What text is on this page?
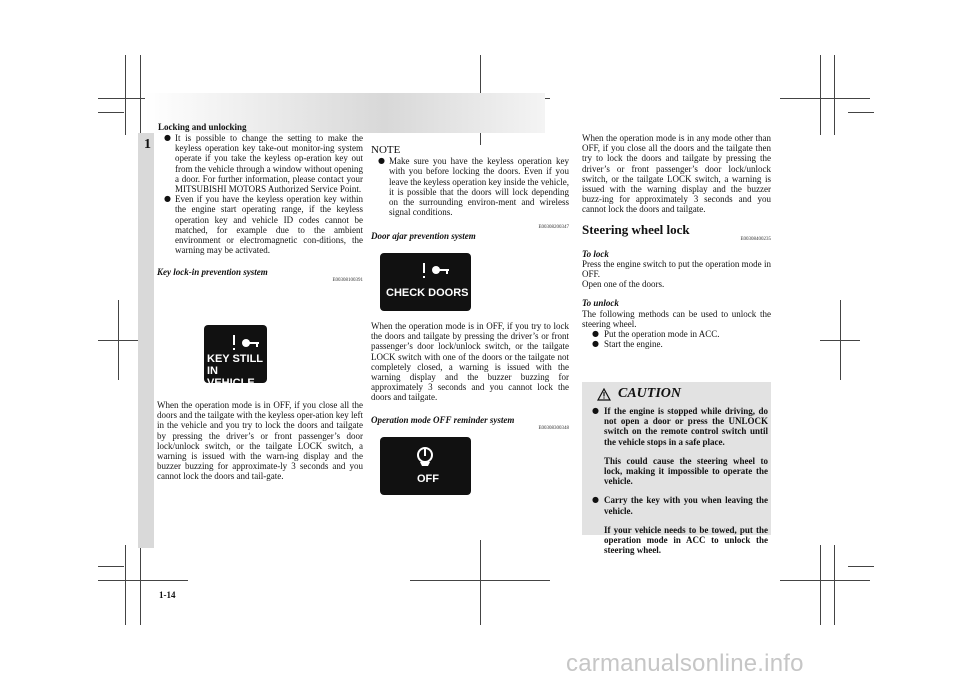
Locking and unlocking
1
1-14
carmanualsonline.info

● It is possible to change the setting to make the keyless operation key take-out monitor-ing system operate if you take the keyless op-eration key out from the vehicle through a window without opening a door. For further information, please contact your MITSUBISHI MOTORS Authorized Service Point.

● Even if you have the keyless operation key within the engine start operating range, if the keyless operation key and vehicle ID codes cannot be matched, for example due to the ambient environment or electromagnetic con-ditions, the warning may be activated.

Key lock-in prevention system
E00308100391
KEY STILL
IN VEHICLE

When the operation mode is in OFF, if you close all the doors and the tailgate with the keyless oper-ation key left in the vehicle and you try to lock the doors and tailgate by pressing the driver’s or front passenger’s door lock/unlock switch, or the tailgate LOCK switch, a warning is issued with the warn-ing display and the buzzer buzzing for approximate-ly 3 seconds and you cannot lock the doors and tail-gate.

NOTE

● Make sure you have the keyless operation key with you before locking the doors. Even if you leave the keyless operation key inside the vehicle, it is possible that the doors will lock depending on the surrounding environ-ment and wireless signal conditions.

Door ajar prevention system
E00308200347
CHECK DOORS

When the operation mode is in OFF, if you try to lock the doors and tailgate by pressing the driver’s or front passenger’s door lock/unlock switch, or the tailgate LOCK switch with one of the doors or the tailgate not completely closed, a warning is issued with the warning display and the buzzer buzzing for approximately 3 seconds and you cannot lock the doors and tailgate.

Operation mode OFF reminder system
E00308300348
OFF

When the operation mode is in any mode other than OFF, if you close all the doors and the tailgate then try to lock the doors and tailgate by pressing the driver’s or front passenger’s door lock/unlock switch, or the tailgate LOCK switch, a warning is issued with the warning display and the buzzer buzz-ing for approximately 3 seconds and you cannot lock the doors and tailgate.

Steering wheel lock
E00308400235

To lock

Press the engine switch to put the operation mode in OFF.

Open one of the doors.

To unlock

The following methods can be used to unlock the steering wheel.

● Put the operation mode in ACC.

● Start the engine.

CAUTION

● If the engine is stopped while driving, do not open a door or press the UNLOCK switch on the remote control switch until the vehicle stops in a safe place.

This could cause the steering wheel to lock, making it impossible to operate the vehicle.

● Carry the key with you when leaving the vehicle.

If your vehicle needs to be towed, put the operation mode in ACC to unlock the steering wheel.
